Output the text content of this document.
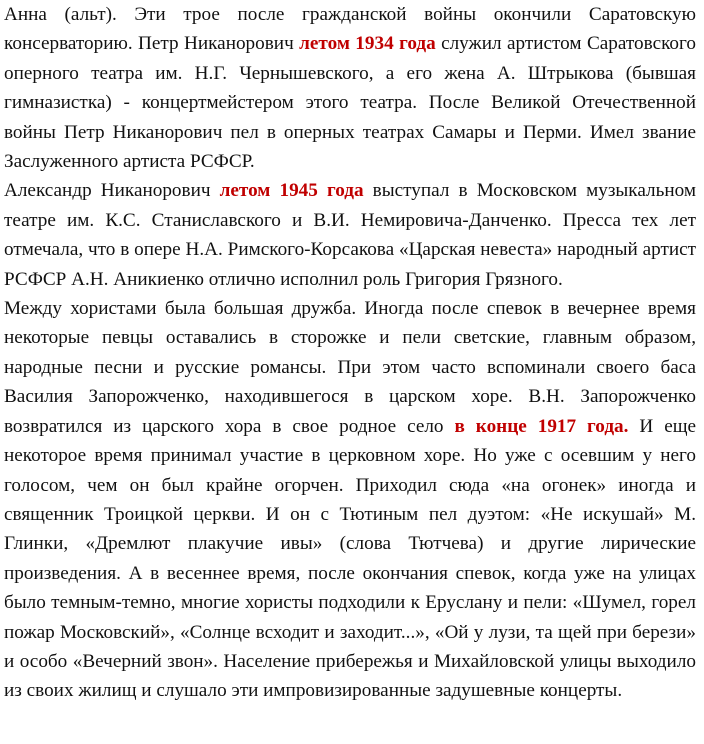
Анна (альт). Эти трое после гражданской войны окончили Саратовскую консерваторию. Петр Никанорович летом 1934 года служил артистом Саратовского оперного театра им. Н.Г. Чернышевского, а его жена А. Штрыкова (бывшая гимназистка) - концертмейстером этого театра. После Великой Отечественной войны Петр Никанорович пел в оперных театрах Самары и Перми. Имел звание Заслуженного артиста РСФСР.

Александр Никанорович летом 1945 года выступал в Московском музыкальном театре им. К.С. Станиславского и В.И. Немировича-Данченко. Пресса тех лет отмечала, что в опере Н.А. Римского-Корсакова «Царская невеста» народный артист РСФСР А.Н. Аникиенко отлично исполнил роль Григория Грязного.

Между хористами была большая дружба. Иногда после спевок в вечернее время некоторые певцы оставались в сторожке и пели светские, главным образом, народные песни и русские романсы. При этом часто вспоминали своего баса Василия Запорожченко, находившегося в царском хоре. В.Н. Запорожченко возвратился из царского хора в свое родное село в конце 1917 года. И еще некоторое время принимал участие в церковном хоре. Но уже с осевшим у него голосом, чем он был крайне огорчен. Приходил сюда «на огонек» иногда и священник Троицкой церкви. И он с Тютиным пел дуэтом: «Не искушай» М. Глинки, «Дремлют плакучие ивы» (слова Тютчева) и другие лирические произведения. А в весеннее время, после окончания спевок, когда уже на улицах было темным-темно, многие хористы подходили к Еруслану и пели: «Шумел, горел пожар Московский», «Солнце всходит и заходит...», «Ой у лузи, та щей при берези» и особо «Вечерний звон». Население прибережья и Михайловской улицы выходило из своих жилищ и слушало эти импровизированные задушевные концерты.
